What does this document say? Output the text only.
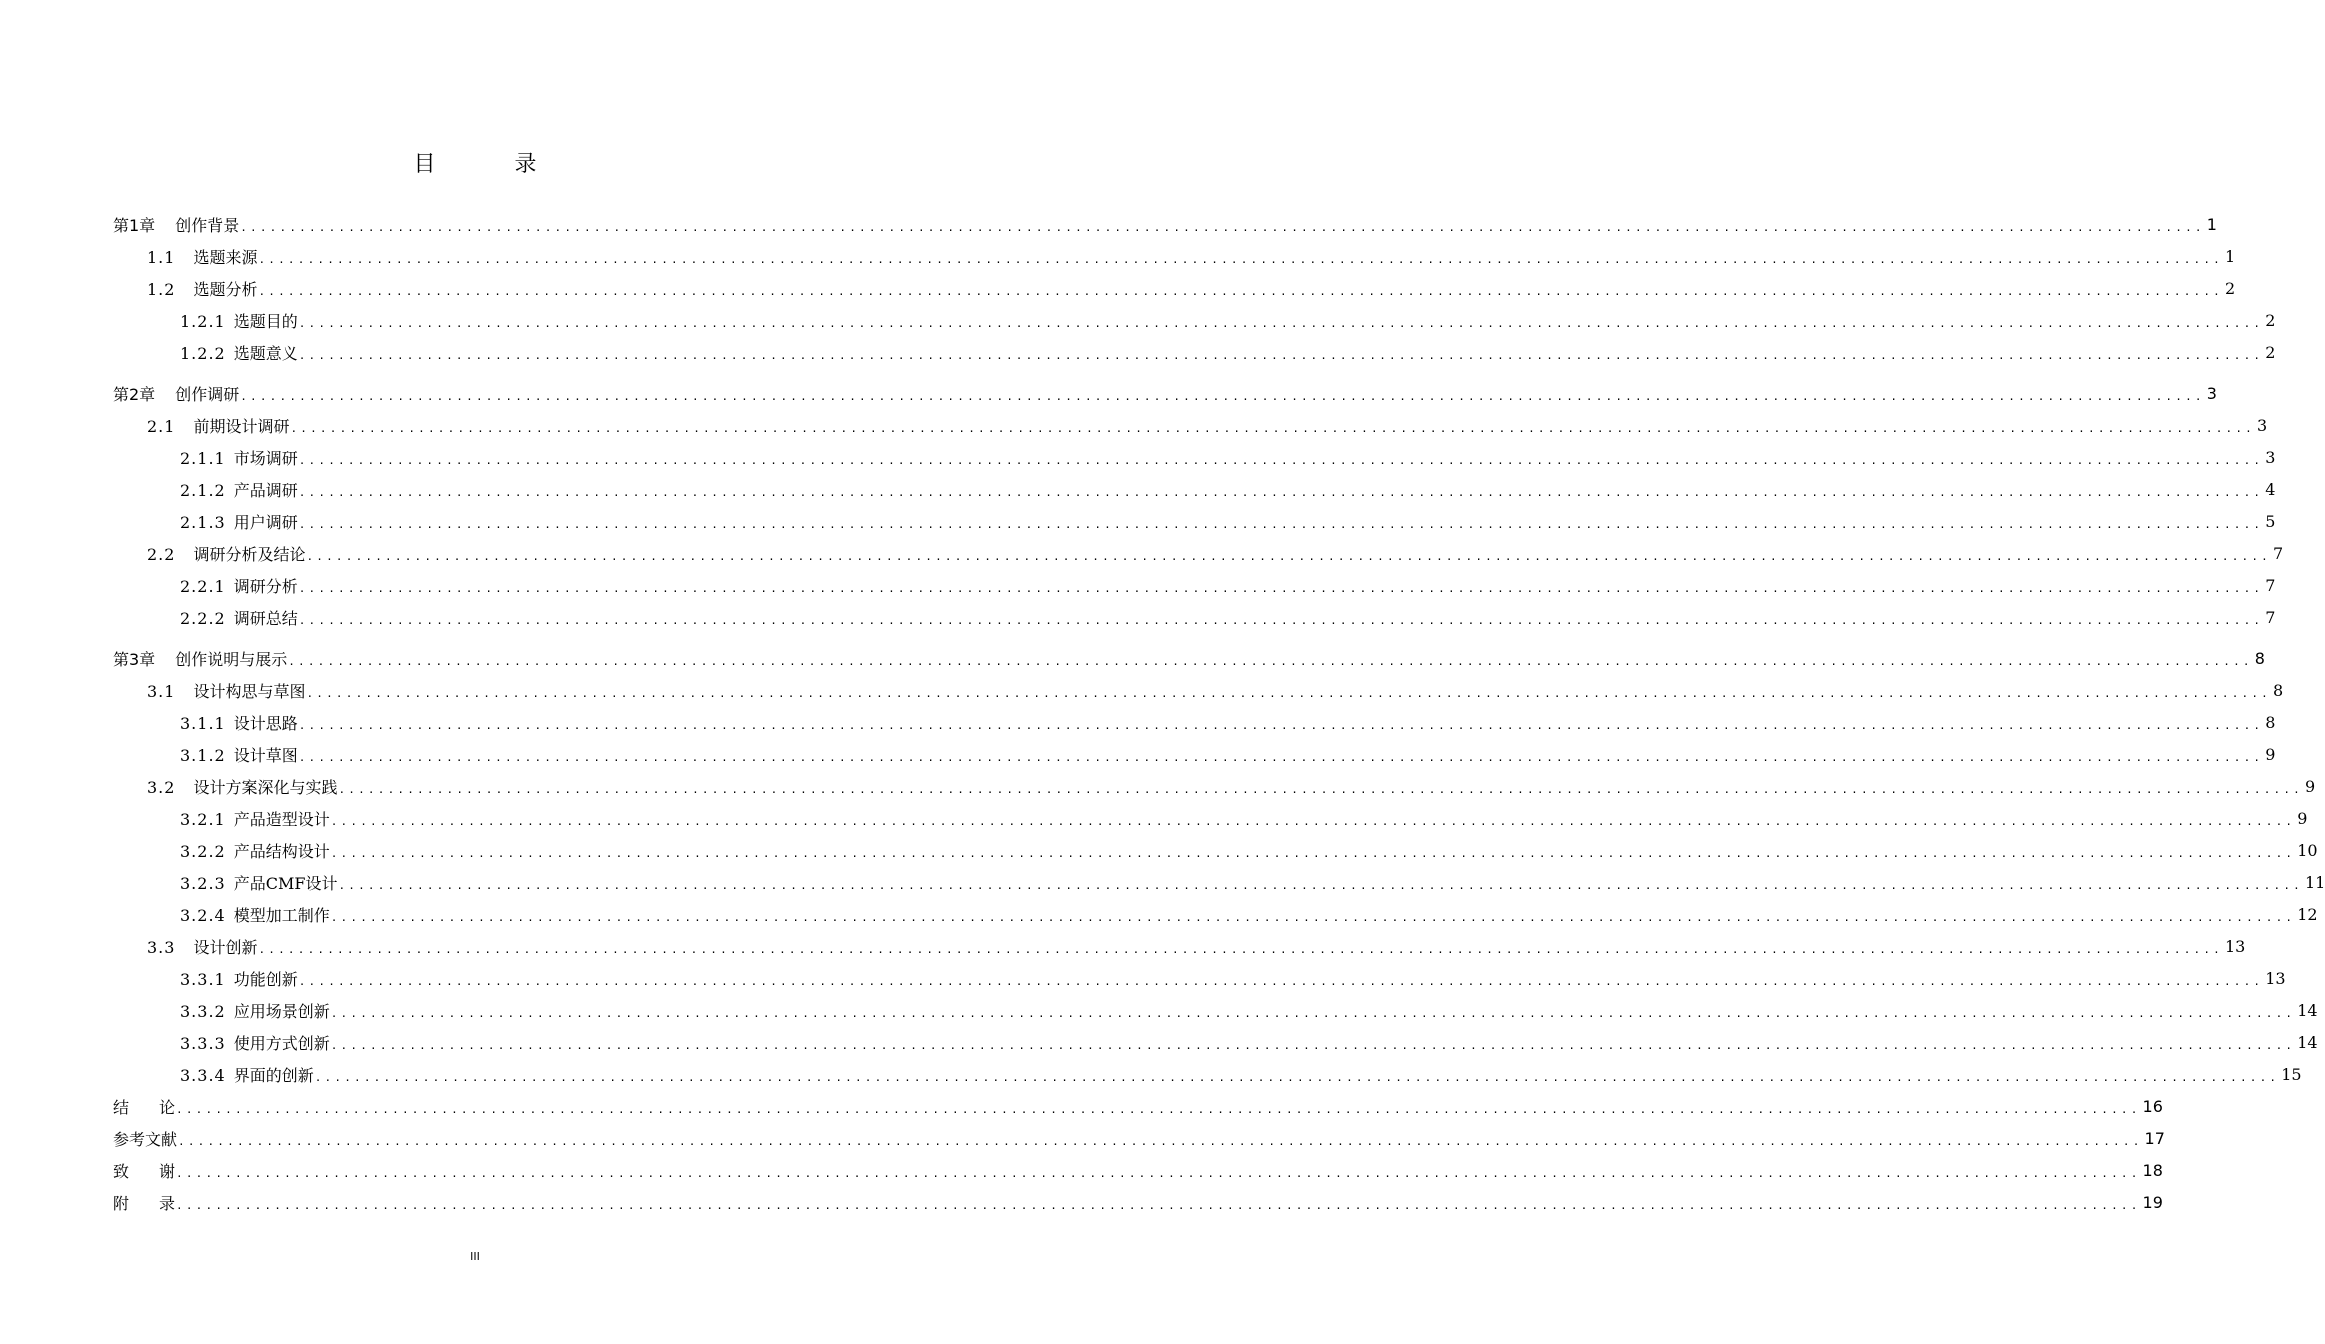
目 录
第1章 创作背景 ........................................................................................................................................................................................................ 1
1.1 选题来源 ........................................................................................................................................................................................................ 1
1.2 选题分析 ........................................................................................................................................................................................................ 2
1.2.1 选题目的 ........................................................................................................................................................................................................ 2
1.2.2 选题意义 ........................................................................................................................................................................................................ 2
第2章 创作调研 ........................................................................................................................................................................................................ 3
2.1 前期设计调研 ........................................................................................................................................................................................................ 3
2.1.1 市场调研 ........................................................................................................................................................................................................ 3
2.1.2 产品调研 ........................................................................................................................................................................................................ 4
2.1.3 用户调研 ........................................................................................................................................................................................................ 5
2.2 调研分析及结论 ........................................................................................................................................................................................................ 7
2.2.1 调研分析 ........................................................................................................................................................................................................ 7
2.2.2 调研总结 ........................................................................................................................................................................................................ 7
第3章 创作说明与展示 ........................................................................................................................................................................................................ 8
3.1 设计构思与草图 ........................................................................................................................................................................................................ 8
3.1.1 设计思路 ........................................................................................................................................................................................................ 8
3.1.2 设计草图 ........................................................................................................................................................................................................ 9
3.2 设计方案深化与实践 ........................................................................................................................................................................................................ 9
3.2.1 产品造型设计 ........................................................................................................................................................................................................ 9
3.2.2 产品结构设计 ........................................................................................................................................................................................................ 10
3.2.3 产品CMF设计 ........................................................................................................................................................................................................ 11
3.2.4 模型加工制作 ........................................................................................................................................................................................................ 12
3.3 设计创新 ........................................................................................................................................................................................................ 13
3.3.1 功能创新 ........................................................................................................................................................................................................ 13
3.3.2 应用场景创新 ........................................................................................................................................................................................................ 14
3.3.3 使用方式创新 ........................................................................................................................................................................................................ 14
3.3.4 界面的创新 ........................................................................................................................................................................................................ 15
结 论 ........................................................................................................................................................................................................ 16
参考文献 ........................................................................................................................................................................................................ 17
致 谢 ........................................................................................................................................................................................................ 18
附 录 ........................................................................................................................................................................................................ 19
III
